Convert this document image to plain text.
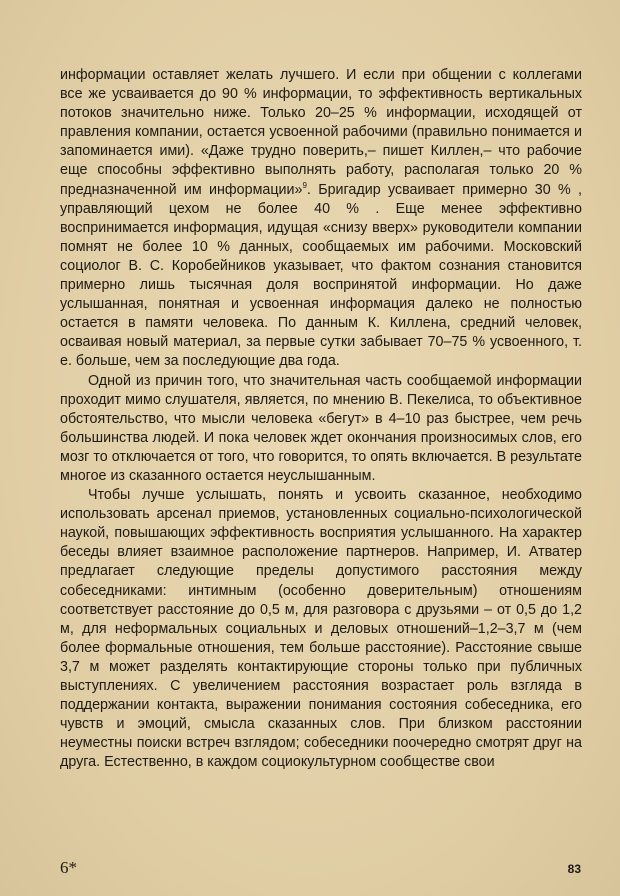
информации оставляет желать лучшего. И если при общении с коллегами все же усваивается до 90 % информации, то эффективность вертикальных потоков значительно ниже. Только 20–25 % информации, исходящей от правления компании, остается усвоенной рабочими (правильно понимается и запоминается ими). «Даже трудно поверить,– пишет Киллен,– что рабочие еще способны эффективно выполнять работу, располагая только 20 % предназначенной им информации»$^9$. Бригадир усваивает примерно 30 % , управляющий цехом не более 40 % . Еще менее эффективно воспринимается информация, идущая «снизу вверх» руководители компании помнят не более 10 % данных, сообщаемых им рабочими. Московский социолог В. С. Коробейников указывает, что фактом сознания становится примерно лишь тысячная доля воспринятой информации. Но даже услышанная, понятная и усвоенная информация далеко не полностью остается в памяти человека. По данным К. Киллена, средний человек, осваивая новый материал, за первые сутки забывает 70–75 % усвоенного, т. е. больше, чем за последующие два года.

Одной из причин того, что значительная часть сообщаемой информации проходит мимо слушателя, является, по мнению В. Пекелиса, то объективное обстоятельство, что мысли человека «бегут» в 4–10 раз быстрее, чем речь большинства людей. И пока человек ждет окончания произносимых слов, его мозг то отключается от того, что говорится, то опять включается. В результате многое из сказанного остается неуслышанным.

Чтобы лучше услышать, понять и усвоить сказанное, необходимо использовать арсенал приемов, установленных социально-психологической наукой, повышающих эффективность восприятия услышанного. На характер беседы влияет взаимное расположение партнеров. Например, И. Атватер предлагает следующие пределы допустимого расстояния между собеседниками: интимным (особенно доверительным) отношениям соответствует расстояние до 0,5 м, для разговора с друзьями – от 0,5 до 1,2 м, для неформальных социальных и деловых отношений–1,2–3,7 м (чем более формальные отношения, тем больше расстояние). Расстояние свыше 3,7 м может разделять контактирующие стороны только при публичных выступлениях. С увеличением расстояния возрастает роль взгляда в поддержании контакта, выражении понимания состояния собеседника, его чувств и эмоций, смысла сказанных слов. При близком расстоянии неуместны поиски встреч взглядом; собеседники поочередно смотрят друг на друга. Естественно, в каждом социокультурном сообществе свои

6*	83
